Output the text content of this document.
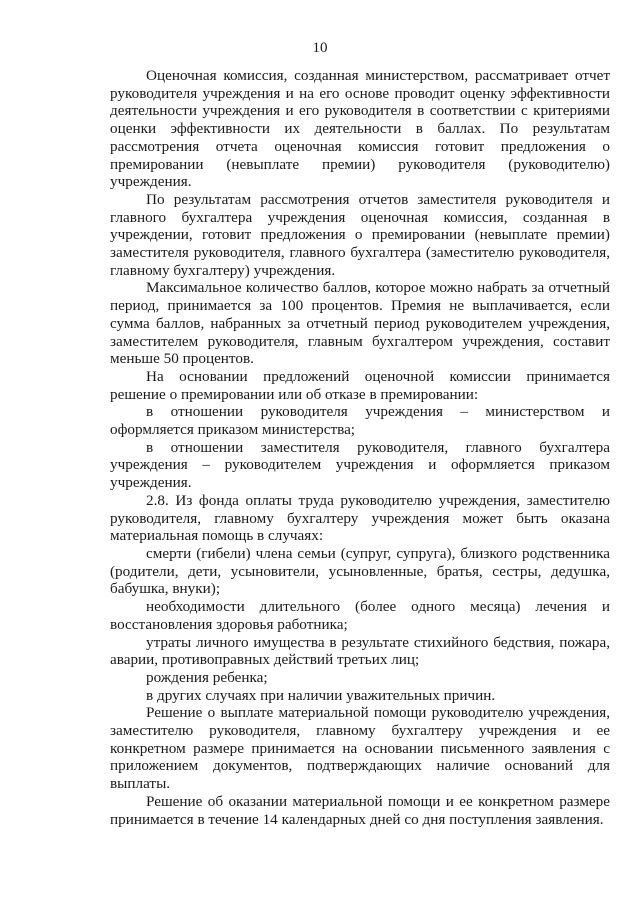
10

Оценочная комиссия, созданная министерством, рассматривает отчет руководителя учреждения и на его основе проводит оценку эффективности деятельности учреждения и его руководителя в соответствии с критериями оценки эффективности их деятельности в баллах. По результатам рассмотрения отчета оценочная комиссия готовит предложения о премировании (невыплате премии) руководителя (руководителю) учреждения.

По результатам рассмотрения отчетов заместителя руководителя и главного бухгалтера учреждения оценочная комиссия, созданная в учреждении, готовит предложения о премировании (невыплате премии) заместителя руководителя, главного бухгалтера (заместителю руководителя, главному бухгалтеру) учреждения.

Максимальное количество баллов, которое можно набрать за отчетный период, принимается за 100 процентов. Премия не выплачивается, если сумма баллов, набранных за отчетный период руководителем учреждения, заместителем руководителя, главным бухгалтером учреждения, составит меньше 50 процентов.

На основании предложений оценочной комиссии принимается решение о премировании или об отказе в премировании:

в отношении руководителя учреждения – министерством и оформляется приказом министерства;

в отношении заместителя руководителя, главного бухгалтера учреждения – руководителем учреждения и оформляется приказом учреждения.

2.8. Из фонда оплаты труда руководителю учреждения, заместителю руководителя, главному бухгалтеру учреждения может быть оказана материальная помощь в случаях:

смерти (гибели) члена семьи (супруг, супруга), близкого родственника (родители, дети, усыновители, усыновленные, братья, сестры, дедушка, бабушка, внуки);

необходимости длительного (более одного месяца) лечения и восстановления здоровья работника;

утраты личного имущества в результате стихийного бедствия, пожара, аварии, противоправных действий третьих лиц;

рождения ребенка;

в других случаях при наличии уважительных причин.

Решение о выплате материальной помощи руководителю учреждения, заместителю руководителя, главному бухгалтеру учреждения и ее конкретном размере принимается на основании письменного заявления с приложением документов, подтверждающих наличие оснований для выплаты.

Решение об оказании материальной помощи и ее конкретном размере принимается в течение 14 календарных дней со дня поступления заявления.
